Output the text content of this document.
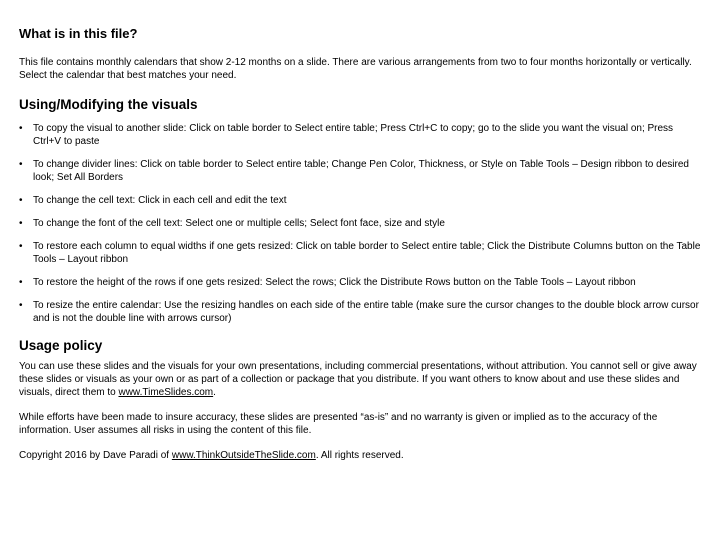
What is in this file?

This file contains monthly calendars that show 2-12 months on a slide. There are various arrangements from two to four months horizontally or vertically. Select the calendar that best matches your need.

Using/Modifying the visuals
• To copy the visual to another slide: Click on table border to Select entire table; Press Ctrl+C to copy; go to the slide you want the visual on; Press Ctrl+V to paste
• To change divider lines: Click on table border to Select entire table; Change Pen Color, Thickness, or Style on Table Tools – Design ribbon to desired look; Set All Borders
• To change the cell text: Click in each cell and edit the text
• To change the font of the cell text: Select one or multiple cells; Select font face, size and style
• To restore each column to equal widths if one gets resized: Click on table border to Select entire table; Click the Distribute Columns button on the Table Tools – Layout ribbon
• To restore the height of the rows if one gets resized: Select the rows; Click the Distribute Rows button on the Table Tools – Layout ribbon
• To resize the entire calendar: Use the resizing handles on each side of the entire table (make sure the cursor changes to the double block arrow cursor and is not the double line with arrows cursor)
Usage policy

You can use these slides and the visuals for your own presentations, including commercial presentations, without attribution. You cannot sell or give away these slides or visuals as your own or as part of a collection or package that you distribute. If you want others to know about and use these slides and visuals, direct them to www.TimeSlides.com.

While efforts have been made to insure accuracy, these slides are presented “as-is” and no warranty is given or implied as to the accuracy of the information. User assumes all risks in using the content of this file.

Copyright 2016 by Dave Paradi of www.ThinkOutsideTheSlide.com. All rights reserved.
